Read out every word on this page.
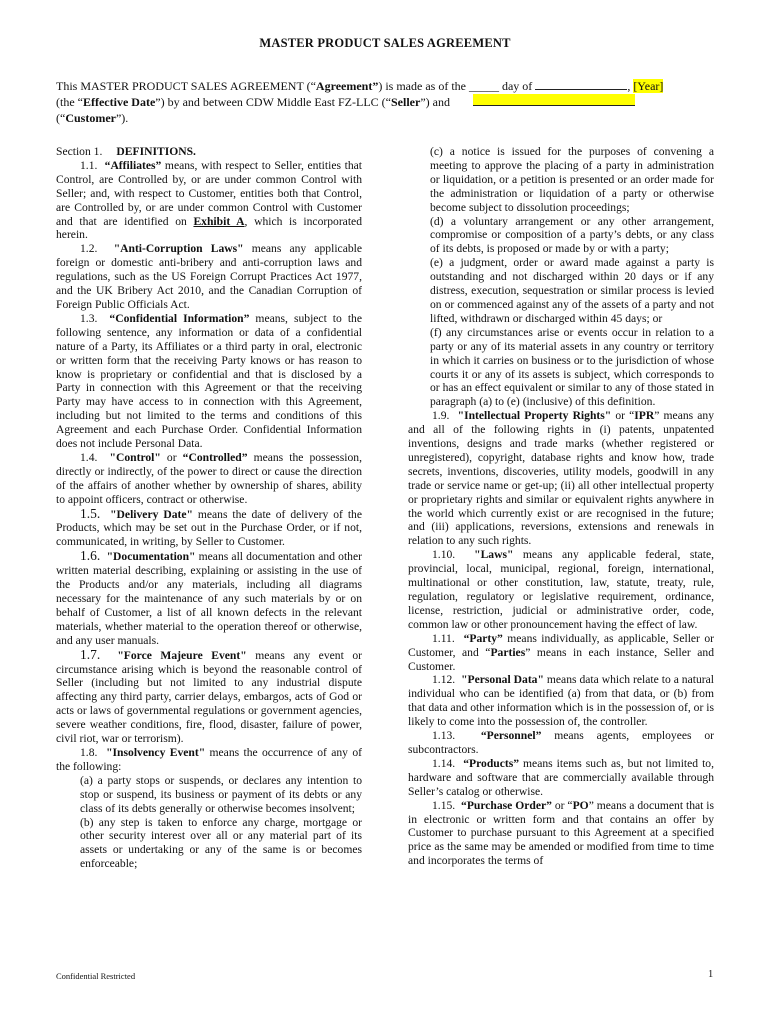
MASTER PRODUCT SALES AGREEMENT
This MASTER PRODUCT SALES AGREEMENT (“Agreement”) is made as of the _____ day of	, [Year]
(the “Effective Date”) by and between CDW Middle East FZ-LLC (“Seller”) and
(“Customer”).

Section 1. DEFINITIONS.

1.1. “Affiliates” means, with respect to Seller, entities that Control, are Controlled by, or are under common Control with Seller; and, with respect to Customer, entities both that Control, are Controlled by, or are under common Control with Customer and that are identified on Exhibit A, which is incorporated herein.

1.2. "Anti-Corruption Laws" means any applicable foreign or domestic anti-bribery and anti-corruption laws and regulations, such as the US Foreign Corrupt Practices Act 1977, and the UK Bribery Act 2010, and the Canadian Corruption of Foreign Public Officials Act.

1.3. “Confidential Information” means, subject to the following sentence, any information or data of a confidential nature of a Party, its Affiliates or a third party in oral, electronic or written form that the receiving Party knows or has reason to know is proprietary or confidential and that is disclosed by a Party in connection with this Agreement or that the receiving Party may have access to in connection with this Agreement, including but not limited to the terms and conditions of this Agreement and each Purchase Order. Confidential Information does not include Personal Data.

1.4. "Control" or “Controlled” means the possession, directly or indirectly, of the power to direct or cause the direction of the affairs of another whether by ownership of shares, ability to appoint officers, contract or otherwise.

1.5. "Delivery Date" means the date of delivery of the Products, which may be set out in the Purchase Order, or if not, communicated, in writing, by Seller to Customer.

1.6. "Documentation" means all documentation and other written material describing, explaining or assisting in the use of the Products and/or any materials, including all diagrams necessary for the maintenance of any such materials by or on behalf of Customer, a list of all known defects in the relevant materials, whether material to the operation thereof or otherwise, and any user manuals.

1.7. "Force Majeure Event" means any event or circumstance arising which is beyond the reasonable control of Seller (including but not limited to any industrial dispute affecting any third party, carrier delays, embargos, acts of God or acts or laws of governmental regulations or government agencies, severe weather conditions, fire, flood, disaster, failure of power, civil riot, war or terrorism).

1.8. "Insolvency Event" means the occurrence of any of the following:

(a) a party stops or suspends, or declares any intention to stop or suspend, its business or payment of its debts or any class of its debts generally or otherwise becomes insolvent;

(b) any step is taken to enforce any charge, mortgage or other security interest over all or any material part of its assets or undertaking or any of the same is or becomes enforceable;

(c) a notice is issued for the purposes of convening a meeting to approve the placing of a party in administration or liquidation, or a petition is presented or an order made for the administration or liquidation of a party or otherwise become subject to dissolution proceedings;

(d) a voluntary arrangement or any other arrangement, compromise or composition of a party’s debts, or any class of its debts, is proposed or made by or with a party;

(e) a judgment, order or award made against a party is outstanding and not discharged within 20 days or if any distress, execution, sequestration or similar process is levied on or commenced against any of the assets of a party and not lifted, withdrawn or discharged within 45 days; or

(f) any circumstances arise or events occur in relation to a party or any of its material assets in any country or territory in which it carries on business or to the jurisdiction of whose courts it or any of its assets is subject, which corresponds to or has an effect equivalent or similar to any of those stated in paragraph (a) to (e) (inclusive) of this definition.

1.9. "Intellectual Property Rights" or “IPR” means any and all of the following rights in (i) patents, unpatented inventions, designs and trade marks (whether registered or unregistered), copyright, database rights and know how, trade secrets, inventions, discoveries, utility models, goodwill in any trade or service name or get-up; (ii) all other intellectual property or proprietary rights and similar or equivalent rights anywhere in the world which currently exist or are recognised in the future; and (iii) applications, reversions, extensions and renewals in relation to any such rights.

1.10. "Laws" means any applicable federal, state, provincial, local, municipal, regional, foreign, international, multinational or other constitution, law, statute, treaty, rule, regulation, regulatory or legislative requirement, ordinance, license, restriction, judicial or administrative order, code, common law or other pronouncement having the effect of law.

1.11. “Party” means individually, as applicable, Seller or Customer, and “Parties” means in each instance, Seller and Customer.

1.12. "Personal Data" means data which relate to a natural individual who can be identified (a) from that data, or (b) from that data and other information which is in the possession of, or is likely to come into the possession of, the controller.

1.13. “Personnel” means agents, employees or subcontractors.

1.14. “Products” means items such as, but not limited to, hardware and software that are commercially available through Seller’s catalog or otherwise.

1.15. “Purchase Order” or “PO” means a document that is in electronic or written form and that contains an offer by Customer to purchase pursuant to this Agreement at a specified price as the same may be amended or modified from time to time and incorporates the terms of

Confidential Restricted	1
